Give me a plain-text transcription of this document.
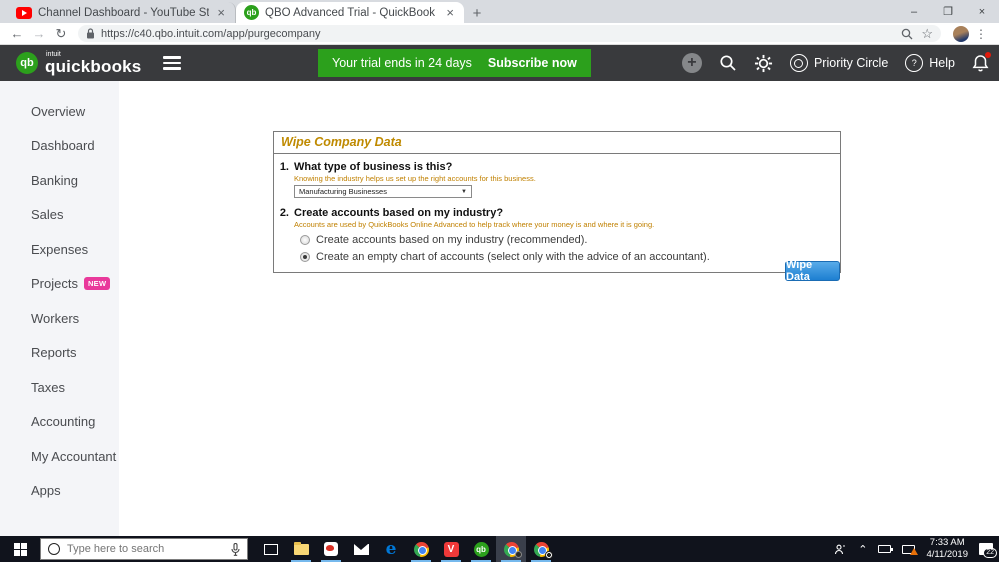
Channel Dashboard - YouTube St ×	qb QBO Advanced Trial - QuickBook ×	+	–	❐	×
← → ↻	https://c40.qbo.intuit.com/app/purgecompany	☆	⋮
qb
intuit
quickbooks	Your trial ends in 24 days Subscribe now	+	Priority Circle	?	Help
Overview
Dashboard
Banking
Sales
Expenses
Projects	NEW
Workers
Reports
Taxes
Accounting
My Accountant
Apps
Wipe Company Data
1. What type of business is this?
Knowing the industry helps us set up the right accounts for this business.
Manufacturing Businesses	▼
2. Create accounts based on my industry?
Accounts are used by QuickBooks Online Advanced to help track where your money is and where it is going.
Create accounts based on my industry (recommended).
Create an empty chart of accounts (select only with the advice of an accountant).
Wipe Data
Type here to search
e	V	qb	⌃
7:33 AM
4/11/2019	22
